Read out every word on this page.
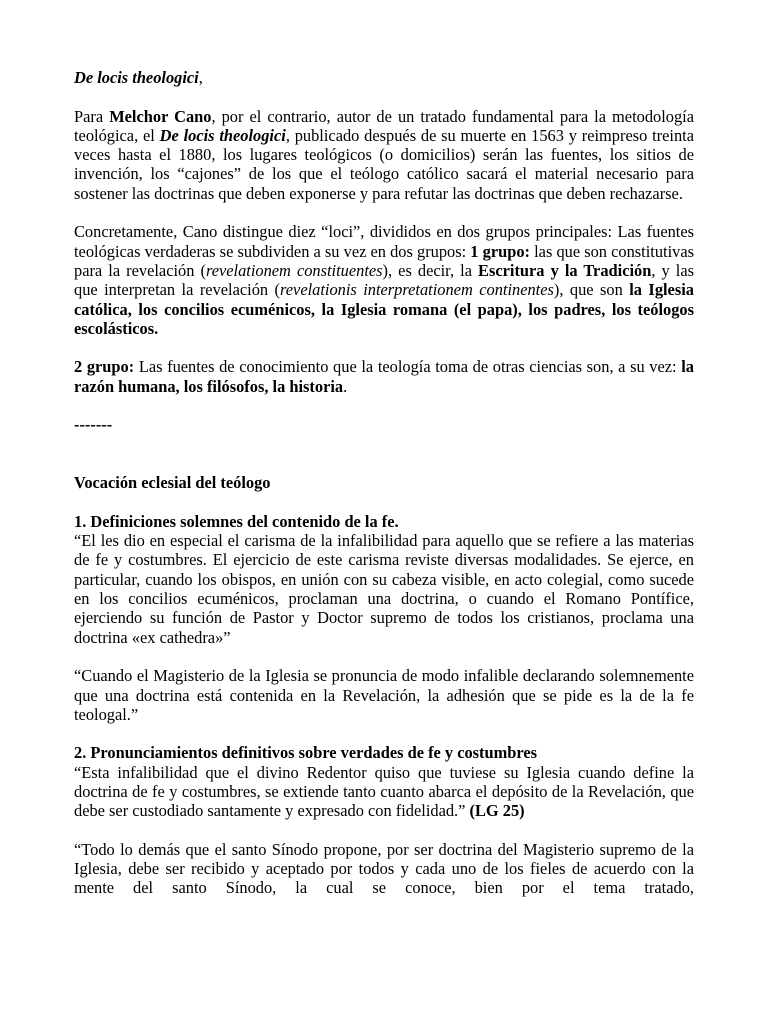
De locis theologici,

Para Melchor Cano, por el contrario, autor de un tratado fundamental para la metodología teológica, el De locis theologici, publicado después de su muerte en 1563 y reimpreso treinta veces hasta el 1880, los lugares teológicos (o domicilios) serán las fuentes, los sitios de invención, los “cajones” de los que el teólogo católico sacará el material necesario para sostener las doctrinas que deben exponerse y para refutar las doctrinas que deben rechazarse.

Concretamente, Cano distingue diez “loci”, divididos en dos grupos principales: Las fuentes teológicas verdaderas se subdividen a su vez en dos grupos: 1 grupo: las que son constitutivas para la revelación (revelationem constituentes), es decir, la Escritura y la Tradición, y las que interpretan la revelación (revelationis interpretationem continentes), que son la Iglesia católica, los concilios ecuménicos, la Iglesia romana (el papa), los padres, los teólogos escolásticos.

2 grupo: Las fuentes de conocimiento que la teología toma de otras ciencias son, a su vez: la razón humana, los filósofos, la historia.

-------

Vocación eclesial del teólogo

1. Definiciones solemnes del contenido de la fe.

“El les dio en especial el carisma de la infalibilidad para aquello que se refiere a las materias de fe y costumbres. El ejercicio de este carisma reviste diversas modalidades. Se ejerce, en particular, cuando los obispos, en unión con su cabeza visible, en acto colegial, como sucede en los concilios ecuménicos, proclaman una doctrina, o cuando el Romano Pontífice, ejerciendo su función de Pastor y Doctor supremo de todos los cristianos, proclama una doctrina «ex cathedra»”

“Cuando el Magisterio de la Iglesia se pronuncia de modo infalible declarando solemnemente que una doctrina está contenida en la Revelación, la adhesión que se pide es la de la fe teologal.”

2. Pronunciamientos definitivos sobre verdades de fe y costumbres

“Esta infalibilidad que el divino Redentor quiso que tuviese su Iglesia cuando define la doctrina de fe y costumbres, se extiende tanto cuanto abarca el depósito de la Revelación, que debe ser custodiado santamente y expresado con fidelidad.” (LG 25)

“Todo lo demás que el santo Sínodo propone, por ser doctrina del Magisterio supremo de la Iglesia, debe ser recibido y aceptado por todos y cada uno de los fieles de acuerdo con la mente del santo Sínodo, la cual se conoce, bien por el tema tratado,
